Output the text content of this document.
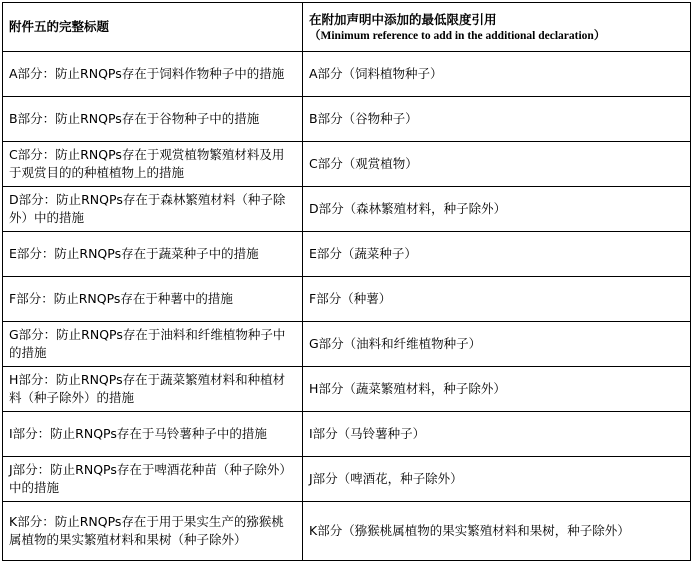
附件五的完整标题	在附加声明中添加的最低限度引用
（Minimum reference to add in the additional declaration）

A部分：防止RNQPs存在于饲料作物种子中的措施	A部分（饲料植物种子）
B部分：防止RNQPs存在于谷物种子中的措施	B部分（谷物种子）
C部分：防止RNQPs存在于观赏植物繁殖材料及用于观赏目的的种植植物上的措施	C部分（观赏植物）
D部分：防止RNQPs存在于森林繁殖材料（种子除外）中的措施	D部分（森林繁殖材料，种子除外）
E部分：防止RNQPs存在于蔬菜种子中的措施	E部分（蔬菜种子）
F部分：防止RNQPs存在于种薯中的措施	F部分（种薯）
G部分：防止RNQPs存在于油料和纤维植物种子中的措施	G部分（油料和纤维植物种子）
H部分：防止RNQPs存在于蔬菜繁殖材料和种植材料（种子除外）的措施	H部分（蔬菜繁殖材料，种子除外）
I部分：防止RNQPs存在于马铃薯种子中的措施	I部分（马铃薯种子）
J部分：防止RNQPs存在于啤酒花种苗（种子除外）中的措施	J部分（啤酒花，种子除外）
K部分：防止RNQPs存在于用于果实生产的猕猴桃属植物的果实繁殖材料和果树（种子除外）	K部分（猕猴桃属植物的果实繁殖材料和果树，种子除外）
